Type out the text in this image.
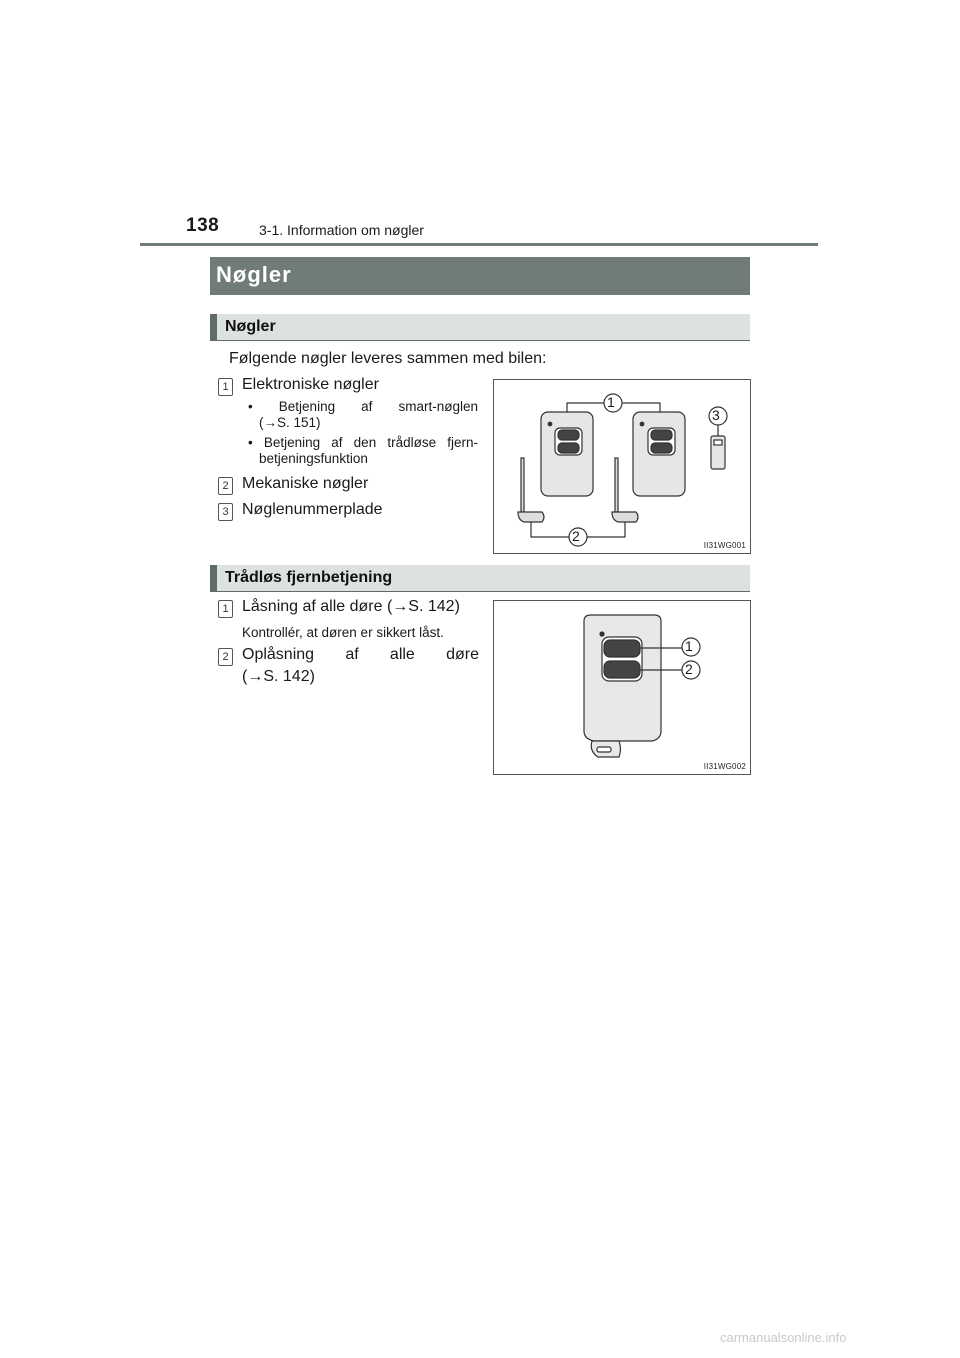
138	3-1. Information om nøgler
Nøgler
Nøgler
Følgende nøgler leveres sammen med bilen:
1 Elektroniske nøgler
• Betjening af smart-nøglen
(→S. 151)
• Betjening af den trådløse fjern-
betjeningsfunktion
2 Mekaniske nøgler
3 Nøglenummerplade
1
2
3
II31WG001
Trådløs fjernbetjening
1 Låsning af alle døre (→S. 142)
Kontrollér, at døren er sikkert låst.
2 Oplåsning af alle døre
(→S. 142)
1
2
II31WG002
carmanualsonline.info
